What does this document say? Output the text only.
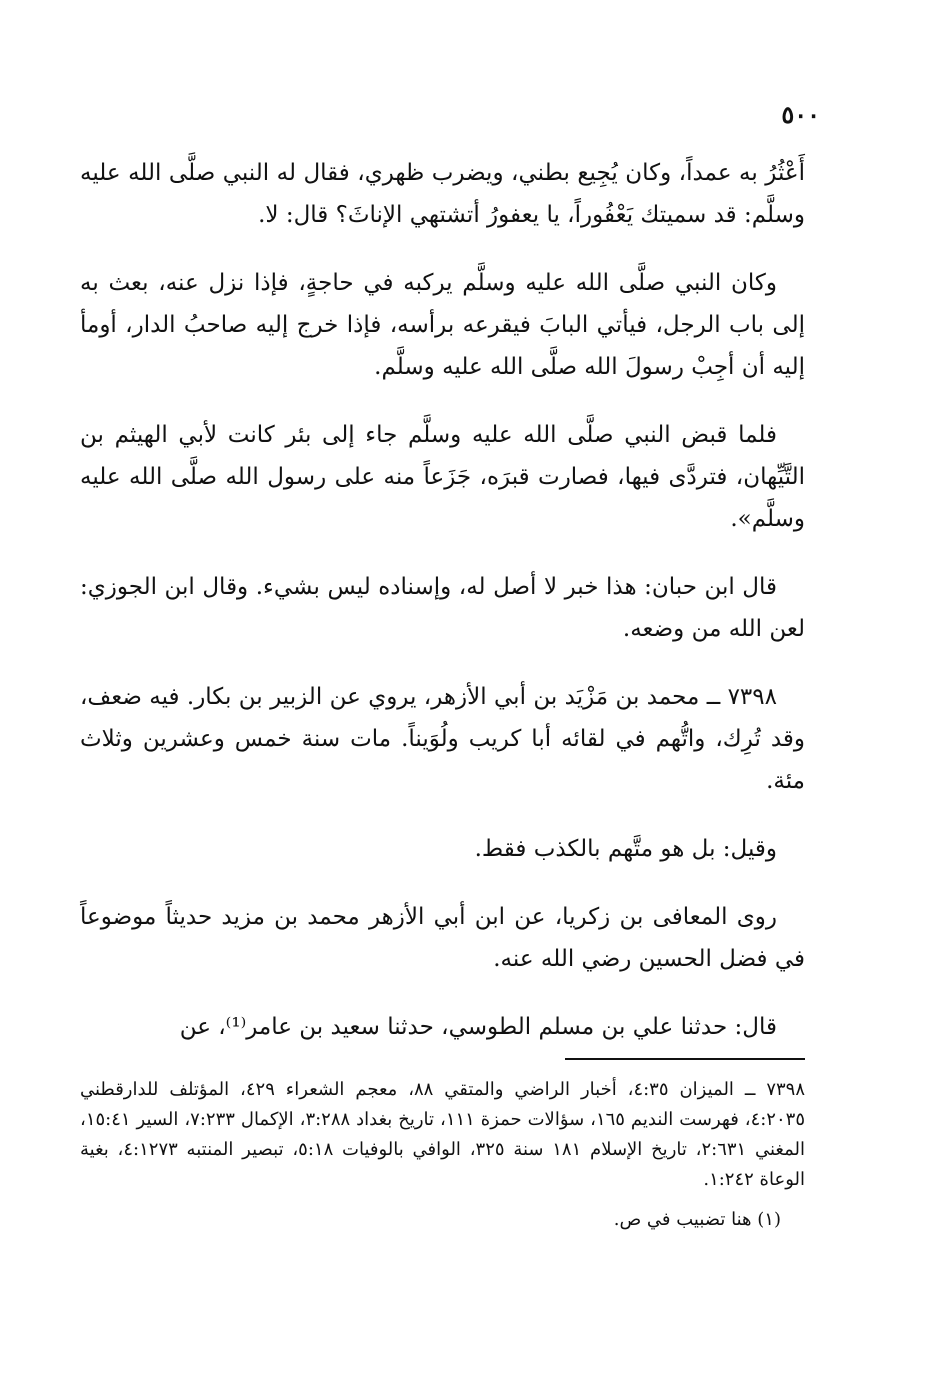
٥٠٠

أَعْثُرُ به عمداً، وكان يُجِيع بطني، ويضرب ظهري، فقال له النبي صلَّى الله عليه وسلَّم: قد سميتك يَعْفُوراً، يا يعفورُ أتشتهي الإناثَ؟ قال: لا.

وكان النبي صلَّى الله عليه وسلَّم يركبه في حاجةٍ، فإذا نزل عنه، بعث به إلى باب الرجل، فيأتي البابَ فيقرعه برأسه، فإذا خرج إليه صاحبُ الدار، أومأ إليه أن أجِبْ رسولَ الله صلَّى الله عليه وسلَّم.

فلما قبض النبي صلَّى الله عليه وسلَّم جاء إلى بئر كانت لأبي الهيثم بن التَّيِّهان، فتردَّى فيها، فصارت قبرَه، جَزَعاً منه على رسول الله صلَّى الله عليه وسلَّم».

قال ابن حبان: هذا خبر لا أصل له، وإسناده ليس بشيء. وقال ابن الجوزي: لعن الله من وضعه.

٧٣٩٨ ــ محمد بن مَزْيَد بن أبي الأزهر، يروي عن الزبير بن بكار. فيه ضعف، وقد تُرِك، واتُّهم في لقائه أبا كريب ولُوَيناً. مات سنة خمس وعشرين وثلاث مئة.

وقيل: بل هو متَّهم بالكذب فقط.

روى المعافى بن زكريا، عن ابن أبي الأزهر محمد بن مزيد حديثاً موضوعاً في فضل الحسين رضي الله عنه.

قال: حدثنا علي بن مسلم الطوسي، حدثنا سعيد بن عامر⁽¹⁾، عن

٧٣٩٨ ــ الميزان ٤:٣٥، أخبار الراضي والمتقي ٨٨، معجم الشعراء ٤٢٩، المؤتلف للدارقطني ٤:٢٠٣٥، فهرست النديم ١٦٥، سؤالات حمزة ١١١، تاريخ بغداد ٣:٢٨٨، الإكمال ٧:٢٣٣، السير ١٥:٤١، المغني ٢:٦٣١، تاريخ الإسلام ١٨١ سنة ٣٢٥، الوافي بالوفيات ٥:١٨، تبصير المنتبه ٤:١٢٧٣، بغية الوعاة ١:٢٤٢.

(١) هنا تضبيب في ص.
